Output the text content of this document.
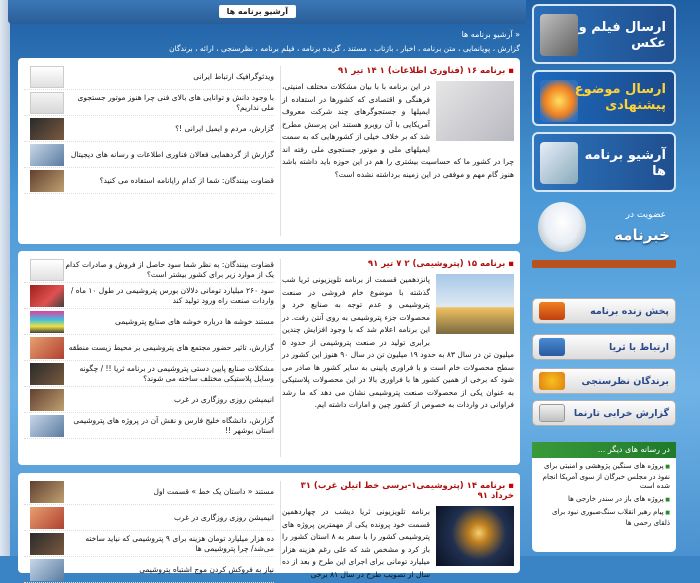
آرشیو برنامه ها
آرشیو برنامه ها »
گزارش ، پویانمایی ، متن برنامه ، اخبار ، بازتاب ، مستند ، گزیده برنامه ، فیلم برنامه ، نظرسنجی ، ارائه ، برندگان
▪ برنامه ۱۶ (فناوری اطلاعات) ۱ ۱۴ تیر ۹۱

در این برنامه با با بیان مشکلات مختلف امنیتی، فرهنگی و اقتصادی که کشورها در استفاده از ایمیلها و جستجوگرهای چند شرکت معروف آمریکایی با آن روبرو هستند این پرسش مطرح شد که بر خلاف خیلی از کشورهایی که به سمت ایمیلهای ملی و موتور جستجوی ملی رفته اند چرا در کشور ما که حساسیت بیشتری را هم در این حوزه باید داشته باشد هنوز گام مهم و موفقی در این زمینه برداشته نشده است؟

ویدئوگرافیک ارتباط ایرانی
با وجود دانش و توانایی های بالای فنی چرا هنوز موتور جستجوی ملی نداریم؟
گزارش، مردم و ایمیل ایرانی !؟
گزارش از گردهمایی فعالان فناوری اطلاعات و رسانه های دیجیتال
قضاوت بینندگان: شما از کدام رایانامه استفاده می کنید؟
▪ برنامه ۱۵ (پتروشیمی) ۲ ۷ تیر ۹۱

پانزدهمین قسمت از برنامه تلویزیونی ثریا شب گذشته با موضوع خام فروشی در صنعت پتروشیمی و عدم توجه به صنایع خرد و محصولات جزء پتروشیمی به روی آنتن رفت. در این برنامه اعلام شد که با وجود افزایش چندین برابری تولید در صنعت پتروشیمی از حدود ۵ میلیون تن در سال ۸۳ به حدود ۱۹ میلیون تن در سال ۹۰ هنوز این کشور در سطح محصولات خام است و با فراوری پایینی به سایر کشور ها صادر می شود که برخی از همین کشور ها با فراوری بالا در این محصولات پلاستیکی به عنوان یکی از محصولات صنعت پتروشیمی نشان می دهد که ما رشد فراوانی در واردات به خصوص از کشور چین و امارات داشته ایم.

قضاوت بینندگان: به نظر شما سود حاصل از فروش و صادرات کدام یک از موارد زیر برای کشور بیشتر است؟
سود ۲۶۰ میلیارد تومانی دلالان بورس پتروشیمی در طول ۱۰ ماه / واردات صنعت راه ورود تولید کند
مستند خوشه ها درباره خوشه های صنایع پتروشیمی
گزارش، تاثیر حضور مجتمع های پتروشیمی بر محیط زیست منطقه
مشکلات صنایع پایین دستی پتروشیمی در برنامه ثریا !! / چگونه وسایل پلاستیکی مختلف ساخته می شوند؟
انیمیشن روزی روزگاری در غرب
گزارش، دانشگاه خلیج فارس و نقش آن در پروژه های پتروشیمی استان بوشهر !!
▪ برنامه ۱۴ (پتروشیمی۱-برسی خط اتیلن غرب) ۳۱ خرداد ۹۱

برنامه تلویزیونی ثریا دیشب در چهاردهمین قسمت خود پرونده یکی از مهمترین پروژه های پتروشیمی کشور را با سفر به ۸ استان کشور را باز کرد و مشخص شد که علی رغم هزینه هزار میلیارد تومانی برای اجرای این طرح و بعد از ده سال از تصویب طرح در سال ۸۱ برخی

مستند « داستان یک خط » قسمت اول
انیمیشن روزی روزگاری در غرب
ده هزار میلیارد تومان هزینه برای ۹ پتروشیمی که نیاید ساخته می‌شد/ چرا پتروشیمی ها
نیاز به فروکش کردن موج اشتباه پتروشیمی
ارسال فیلم و عکس
ارسال موضوع پیشنهادی
آرشیو برنامه ها
عضویت در
خبرنامه
پخش زنده برنامه
ارتباط با ثریا
برندگان نظرسنجی
گزارش خرابی تارنما
در رسانه های دیگر ...
■ پروژه های سنگین پژوهشی و امنیتی برای نفوذ در مجلس خبرگان از سوی آمریکا انجام شده است
■ پروژه های باز در سندر خارجی ها
■ پیام رهبر انقلاب سنگ‌صبوری نبود برای ذلقای رحمی ها
